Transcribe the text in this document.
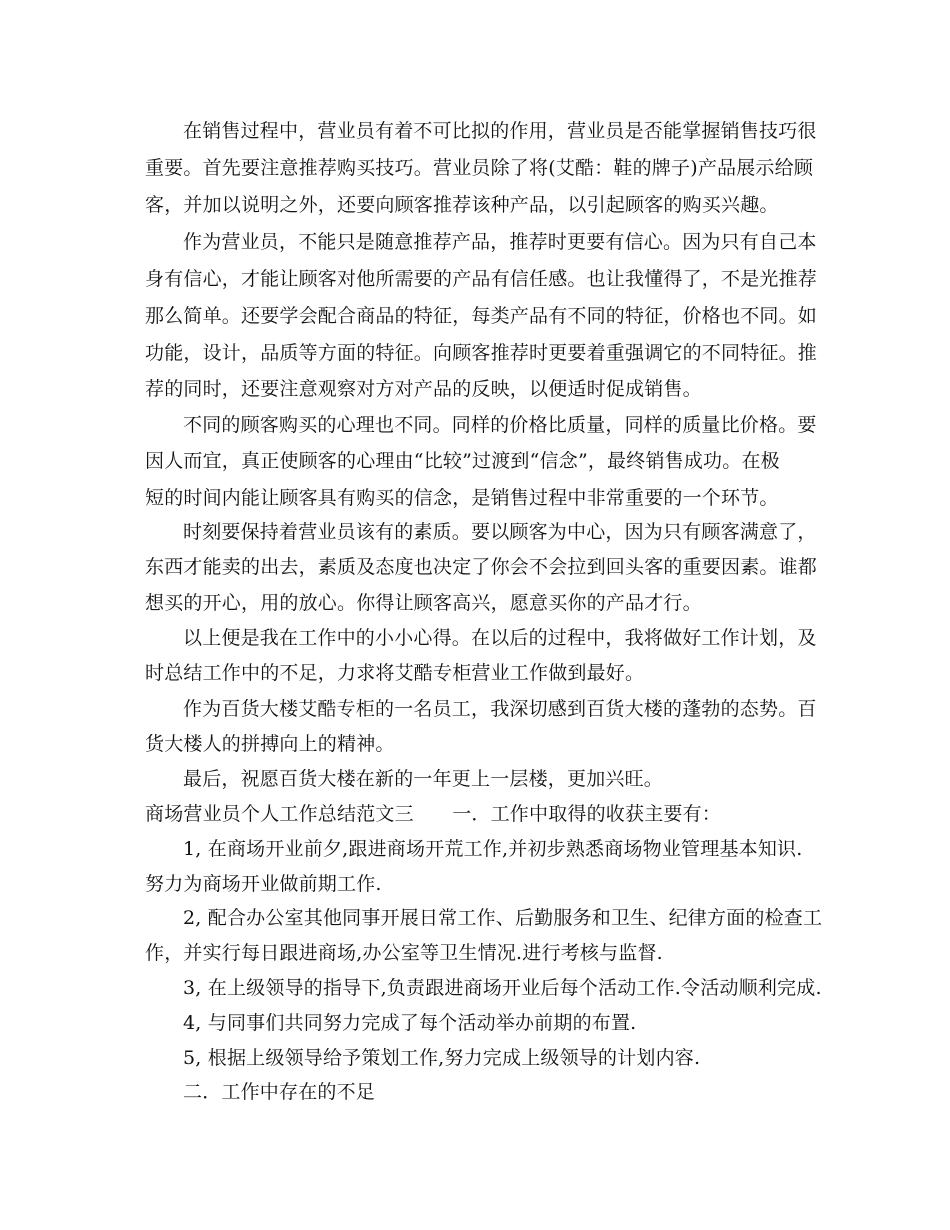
在销售过程中，营业员有着不可比拟的作用，营业员是否能掌握销售技巧很
重要。首先要注意推荐购买技巧。营业员除了将(艾酷：鞋的牌子)产品展示给顾
客，并加以说明之外，还要向顾客推荐该种产品，以引起顾客的购买兴趣。
作为营业员，不能只是随意推荐产品，推荐时更要有信心。因为只有自己本
身有信心，才能让顾客对他所需要的产品有信任感。也让我懂得了，不是光推荐
那么简单。还要学会配合商品的特征，每类产品有不同的特征，价格也不同。如
功能，设计，品质等方面的特征。向顾客推荐时更要着重强调它的不同特征。推
荐的同时，还要注意观察对方对产品的反映，以便适时促成销售。
不同的顾客购买的心理也不同。同样的价格比质量，同样的质量比价格。要
因人而宜，真正使顾客的心理由“比较”过渡到“信念”，最终销售成功。在极
短的时间内能让顾客具有购买的信念，是销售过程中非常重要的一个环节。
时刻要保持着营业员该有的素质。要以顾客为中心，因为只有顾客满意了，
东西才能卖的出去，素质及态度也决定了你会不会拉到回头客的重要因素。谁都
想买的开心，用的放心。你得让顾客高兴，愿意买你的产品才行。
以上便是我在工作中的小小心得。在以后的过程中，我将做好工作计划，及
时总结工作中的不足，力求将艾酷专柜营业工作做到最好。
作为百货大楼艾酷专柜的一名员工，我深切感到百货大楼的蓬勃的态势。百
货大楼人的拼搏向上的精神。
最后，祝愿百货大楼在新的一年更上一层楼，更加兴旺。
商场营业员个人工作总结范文三　　一．工作中取得的收获主要有：
1, 在商场开业前夕,跟进商场开荒工作,并初步熟悉商场物业管理基本知识.
努力为商场开业做前期工作.
2, 配合办公室其他同事开展日常工作、后勤服务和卫生、纪律方面的检查工
作，并实行每日跟进商场,办公室等卫生情况.进行考核与监督.
3, 在上级领导的指导下,负责跟进商场开业后每个活动工作.令活动顺利完成.
4, 与同事们共同努力完成了每个活动举办前期的布置.
5, 根据上级领导给予策划工作,努力完成上级领导的计划内容.
二．工作中存在的不足
